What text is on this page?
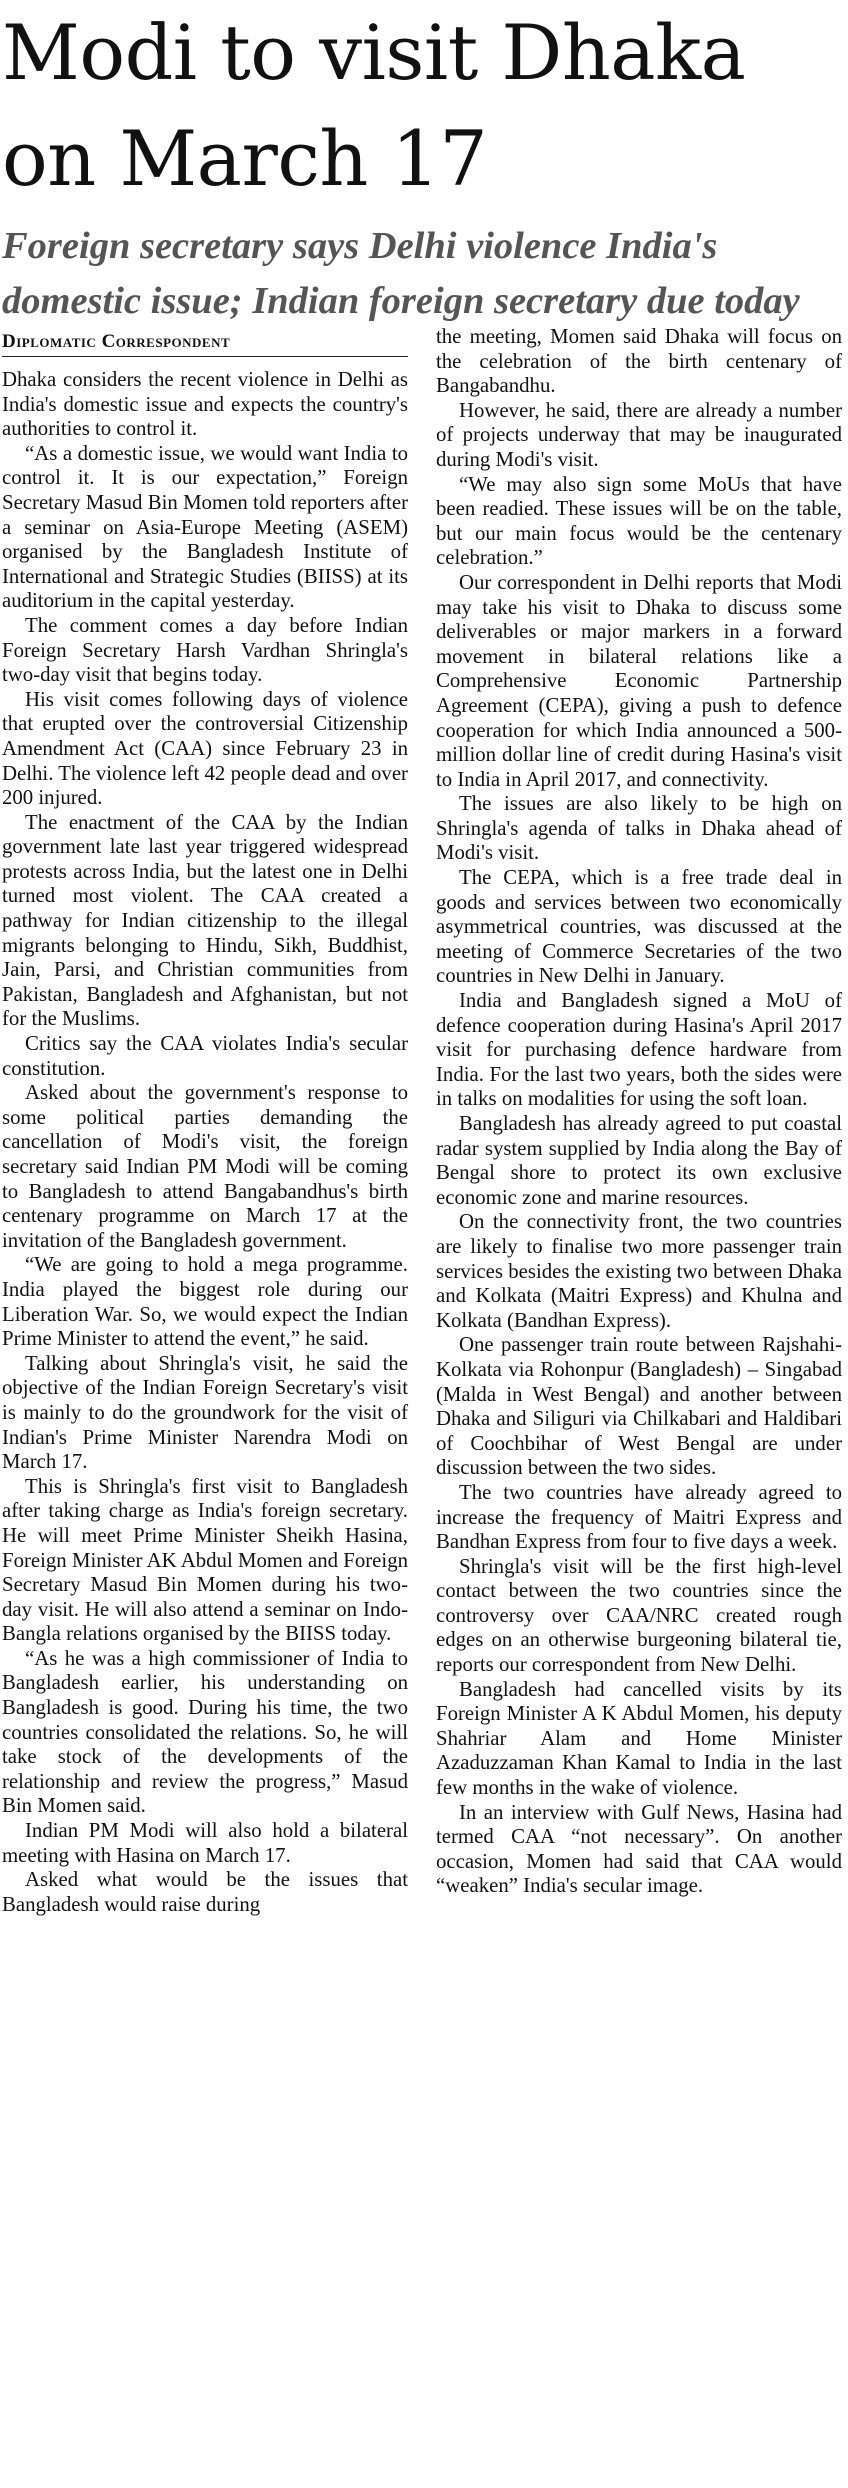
Modi to visit Dhaka on March 17
Foreign secretary says Delhi violence India's domestic issue; Indian foreign secretary due today
Diplomatic Correspondent

Dhaka considers the recent violence in Delhi as India's domestic issue and expects the country's authorities to control it.

“As a domestic issue, we would want India to control it. It is our expectation,” Foreign Secretary Masud Bin Momen told reporters after a seminar on Asia-Europe Meeting (ASEM) organised by the Bangladesh Institute of International and Strategic Studies (BIISS) at its auditorium in the capital yesterday.

The comment comes a day before Indian Foreign Secretary Harsh Vardhan Shringla's two-day visit that begins today.

His visit comes following days of violence that erupted over the controversial Citizenship Amendment Act (CAA) since February 23 in Delhi. The violence left 42 people dead and over 200 injured.

The enactment of the CAA by the Indian government late last year triggered widespread protests across India, but the latest one in Delhi turned most violent. The CAA created a pathway for Indian citizenship to the illegal migrants belonging to Hindu, Sikh, Buddhist, Jain, Parsi, and Christian communities from Pakistan, Bangladesh and Afghanistan, but not for the Muslims.

Critics say the CAA violates India's secular constitution.

Asked about the government's response to some political parties demanding the cancellation of Modi's visit, the foreign secretary said Indian PM Modi will be coming to Bangladesh to attend Bangabandhus's birth centenary programme on March 17 at the invitation of the Bangladesh government.

“We are going to hold a mega programme. India played the biggest role during our Liberation War. So, we would expect the Indian Prime Minister to attend the event,” he said.

Talking about Shringla's visit, he said the objective of the Indian Foreign Secretary's visit is mainly to do the groundwork for the visit of Indian's Prime Minister Narendra Modi on March 17.

This is Shringla's first visit to Bangladesh after taking charge as India's foreign secretary. He will meet Prime Minister Sheikh Hasina, Foreign Minister AK Abdul Momen and Foreign Secretary Masud Bin Momen during his two-day visit. He will also attend a seminar on Indo-Bangla relations organised by the BIISS today.

“As he was a high commissioner of India to Bangladesh earlier, his understanding on Bangladesh is good. During his time, the two countries consolidated the relations. So, he will take stock of the developments of the relationship and review the progress,” Masud Bin Momen said.

Indian PM Modi will also hold a bilateral meeting with Hasina on March 17.

Asked what would be the issues that Bangladesh would raise during

the meeting, Momen said Dhaka will focus on the celebration of the birth centenary of Bangabandhu.

However, he said, there are already a number of projects underway that may be inaugurated during Modi's visit.

“We may also sign some MoUs that have been readied. These issues will be on the table, but our main focus would be the centenary celebration.”

Our correspondent in Delhi reports that Modi may take his visit to Dhaka to discuss some deliverables or major markers in a forward movement in bilateral relations like a Comprehensive Economic Partnership Agreement (CEPA), giving a push to defence cooperation for which India announced a 500-million dollar line of credit during Hasina's visit to India in April 2017, and connectivity.

The issues are also likely to be high on Shringla's agenda of talks in Dhaka ahead of Modi's visit.

The CEPA, which is a free trade deal in goods and services between two economically asymmetrical countries, was discussed at the meeting of Commerce Secretaries of the two countries in New Delhi in January.

India and Bangladesh signed a MoU of defence cooperation during Hasina's April 2017 visit for purchasing defence hardware from India. For the last two years, both the sides were in talks on modalities for using the soft loan.

Bangladesh has already agreed to put coastal radar system supplied by India along the Bay of Bengal shore to protect its own exclusive economic zone and marine resources.

On the connectivity front, the two countries are likely to finalise two more passenger train services besides the existing two between Dhaka and Kolkata (Maitri Express) and Khulna and Kolkata (Bandhan Express).

One passenger train route between Rajshahi-Kolkata via Rohonpur (Bangladesh) – Singabad (Malda in West Bengal) and another between Dhaka and Siliguri via Chilkabari and Haldibari of Coochbihar of West Bengal are under discussion between the two sides.

The two countries have already agreed to increase the frequency of Maitri Express and Bandhan Express from four to five days a week.

Shringla's visit will be the first high-level contact between the two countries since the controversy over CAA/NRC created rough edges on an otherwise burgeoning bilateral tie, reports our correspondent from New Delhi.

Bangladesh had cancelled visits by its Foreign Minister A K Abdul Momen, his deputy Shahriar Alam and Home Minister Azaduzzaman Khan Kamal to India in the last few months in the wake of violence.

In an interview with Gulf News, Hasina had termed CAA “not necessary”. On another occasion, Momen had said that CAA would “weaken” India's secular image.
